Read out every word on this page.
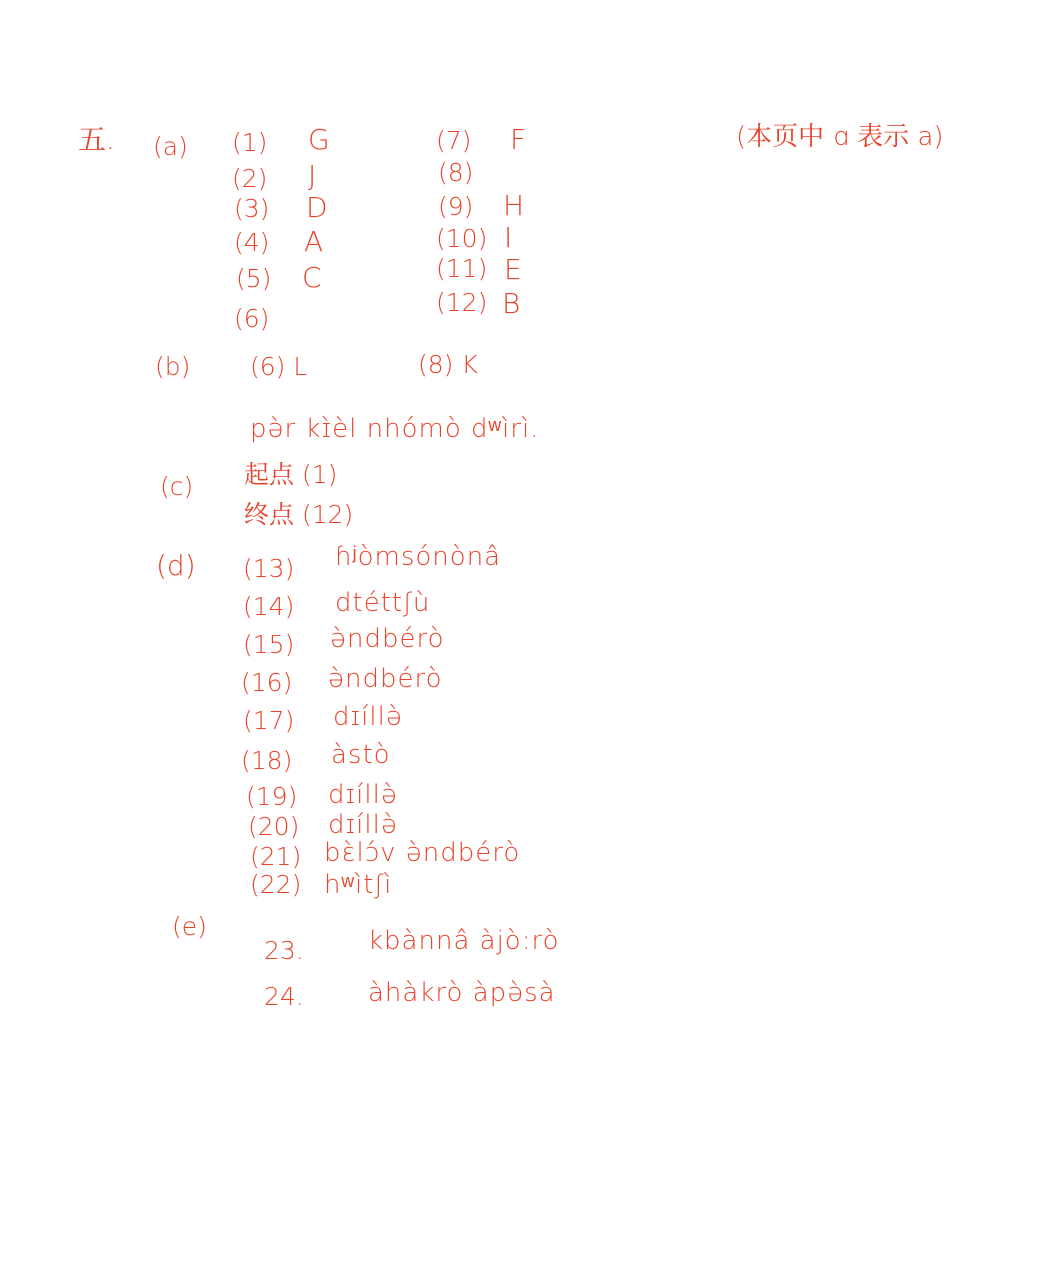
五.	(本页中 ɑ 表示 a)
(a) (1) G
(2) J
(3) D
(4) A
(5) C
(6)
(7) F
(8)
(9) H
(10) I
(11) E
(12) B
(b) (6) L	(8) K
pə̀r kɪ̀èl nhómò dʷìrì.
(c) 起点 (1)
终点 (12)
(d) (13) ɦʲòmsónònâ
(14) dtéttʃù
(15) ə̀ndbérò
(16) ə̀ndbérò
(17) dɪíllə̀
(18) àstò
(19) dɪíllə̀
(20) dɪíllə̀
(21) bɛ̀lɔ́v ə̀ndbérò
(22) hʷìtʃì
(e)
23. kbànnâ àjò:rò
24. àhàkrò àpə̀sà
